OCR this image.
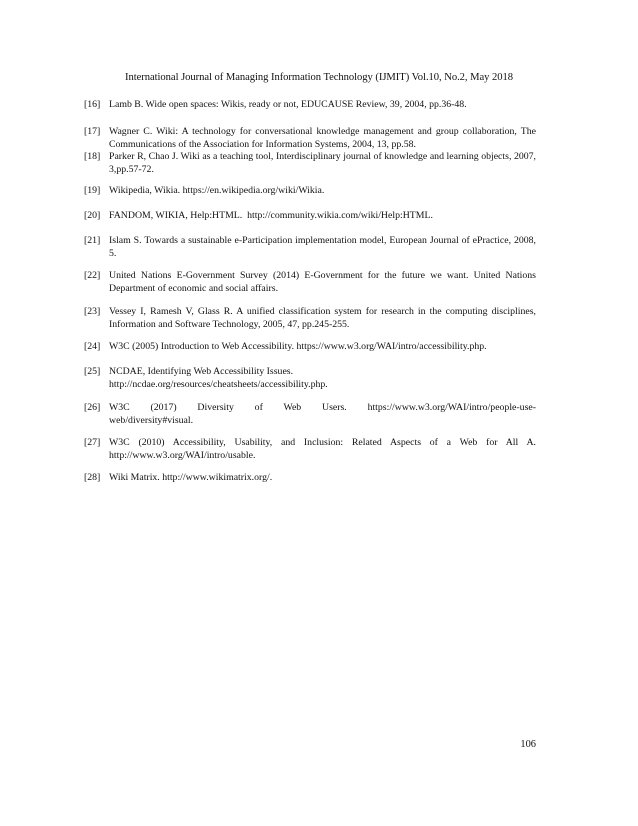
International Journal of Managing Information Technology (IJMIT) Vol.10, No.2, May 2018
[16] Lamb B. Wide open spaces: Wikis, ready or not, EDUCAUSE Review, 39, 2004, pp.36-48.
[17] Wagner C. Wiki: A technology for conversational knowledge management and group collaboration, The Communications of the Association for Information Systems, 2004, 13, pp.58.
[18] Parker R, Chao J. Wiki as a teaching tool, Interdisciplinary journal of knowledge and learning objects, 2007, 3,pp.57-72.
[19] Wikipedia, Wikia. https://en.wikipedia.org/wiki/Wikia.
[20] FANDOM, WIKIA, Help:HTML.  http://community.wikia.com/wiki/Help:HTML.
[21] Islam S. Towards a sustainable e-Participation implementation model, European Journal of ePractice, 2008, 5.
[22] United Nations E-Government Survey (2014) E-Government for the future we want. United Nations Department of economic and social affairs.
[23] Vessey I, Ramesh V, Glass R. A unified classification system for research in the computing disciplines, Information and Software Technology, 2005, 47, pp.245-255.
[24] W3C (2005) Introduction to Web Accessibility. https://www.w3.org/WAI/intro/accessibility.php.
[25] NCDAE, Identifying Web Accessibility Issues.
http://ncdae.org/resources/cheatsheets/accessibility.php.
[26] W3C (2017) Diversity of Web Users. https://www.w3.org/WAI/intro/people-use-
web/diversity#visual.
[27] W3C (2010) Accessibility, Usability, and Inclusion: Related Aspects of a Web for All A. http://www.w3.org/WAI/intro/usable.
[28] Wiki Matrix. http://www.wikimatrix.org/.
106
